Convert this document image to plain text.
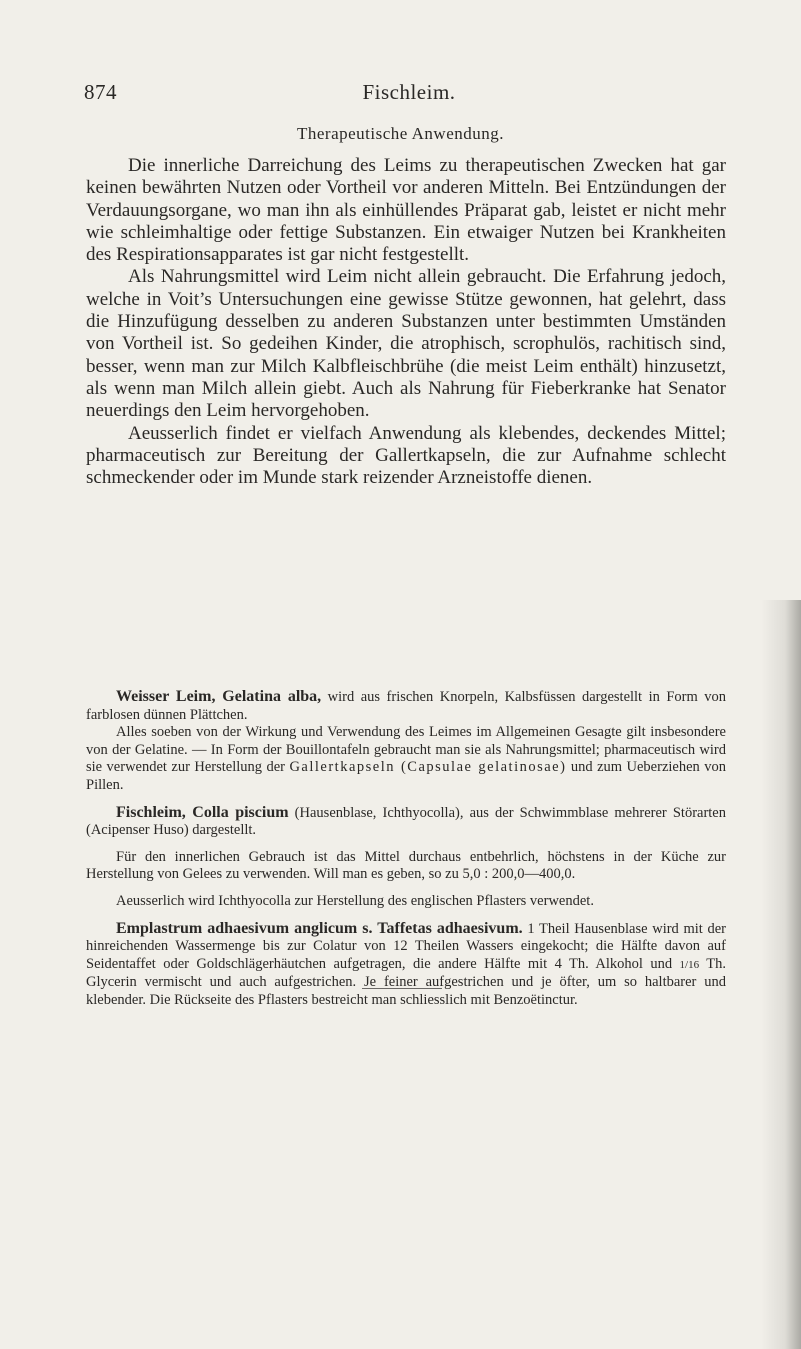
874	Fischleim.
Therapeutische Anwendung.

Die innerliche Darreichung des Leims zu therapeutischen Zwecken hat gar keinen bewährten Nutzen oder Vortheil vor anderen Mitteln. Bei Entzündungen der Verdauungsorgane, wo man ihn als einhüllendes Präparat gab, leistet er nicht mehr wie schleimhaltige oder fettige Substanzen. Ein etwaiger Nutzen bei Krankheiten des Respirationsapparates ist gar nicht festgestellt.

Als Nahrungsmittel wird Leim nicht allein gebraucht. Die Erfahrung jedoch, welche in Voit’s Untersuchungen eine gewisse Stütze gewonnen, hat gelehrt, dass die Hinzufügung desselben zu anderen Substanzen unter bestimmten Umständen von Vortheil ist. So gedeihen Kinder, die atrophisch, scrophulös, rachitisch sind, besser, wenn man zur Milch Kalbfleischbrühe (die meist Leim enthält) hinzusetzt, als wenn man Milch allein giebt. Auch als Nahrung für Fieberkranke hat Senator neuerdings den Leim hervorgehoben.

Aeusserlich findet er vielfach Anwendung als klebendes, deckendes Mittel; pharmaceutisch zur Bereitung der Gallertkapseln, die zur Aufnahme schlecht schmeckender oder im Munde stark reizender Arzneistoffe dienen.

Weisser Leim, Gelatina alba, wird aus frischen Knorpeln, Kalbsfüssen dargestellt in Form von farblosen dünnen Plättchen.

Alles soeben von der Wirkung und Verwendung des Leimes im Allgemeinen Gesagte gilt insbesondere von der Gelatine. — In Form der Bouillontafeln gebraucht man sie als Nahrungsmittel; pharmaceutisch wird sie verwendet zur Herstellung der Gallertkapseln (Capsulae gelatinosae) und zum Ueberziehen von Pillen.

Fischleim, Colla piscium (Hausenblase, Ichthyocolla), aus der Schwimmblase mehrerer Störarten (Acipenser Huso) dargestellt.

Für den innerlichen Gebrauch ist das Mittel durchaus entbehrlich, höchstens in der Küche zur Herstellung von Gelees zu verwenden. Will man es geben, so zu 5,0 : 200,0—400,0.

Aeusserlich wird Ichthyocolla zur Herstellung des englischen Pflasters verwendet.

Emplastrum adhaesivum anglicum s. Taffetas adhaesivum. 1 Theil Hausenblase wird mit der hinreichenden Wassermenge bis zur Colatur von 12 Theilen Wassers eingekocht; die Hälfte davon auf Seidentaffet oder Goldschlägerhäutchen aufgetragen, die andere Hälfte mit 4 Th. Alkohol und 1/16 Th. Glycerin vermischt und auch aufgestrichen. Je feiner aufgestrichen und je öfter, um so haltbarer und klebender. Die Rückseite des Pflasters bestreicht man schliesslich mit Benzoëtinctur.
